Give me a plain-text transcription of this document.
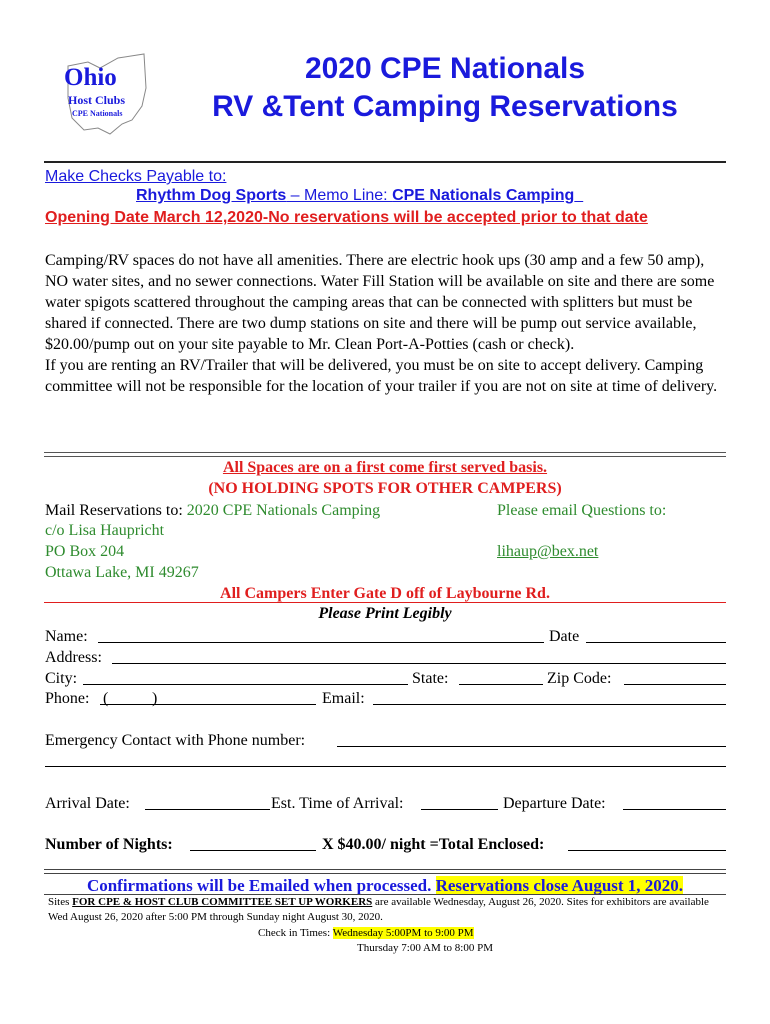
Ohio
Host Clubs
CPE Nationals
2020 CPE Nationals
RV &Tent Camping Reservations
Make Checks Payable to:
Rhythm Dog Sports – Memo Line: CPE Nationals Camping
Opening Date March 12,2020-No reservations will be accepted prior to that date
Camping/RV spaces do not have all amenities. There are electric hook ups (30 amp and a few 50 amp), NO water sites, and no sewer connections. Water Fill Station will be available on site and there are some water spigots scattered throughout the camping areas that can be connected with splitters but must be shared if connected. There are two dump stations on site and there will be pump out service available, $20.00/pump out on your site payable to Mr. Clean Port-A-Potties (cash or check).
If you are renting an RV/Trailer that will be delivered, you must be on site to accept delivery. Camping committee will not be responsible for the location of your trailer if you are not on site at time of delivery.
All Spaces are on a first come first served basis.
(NO HOLDING SPOTS FOR OTHER CAMPERS)
Mail Reservations to: 2020 CPE Nationals Camping
c/o Lisa Haupricht
PO Box 204
Ottawa Lake, MI 49267
Please email Questions to:
lihaup@bex.net
All Campers Enter Gate D off of Laybourne Rd.
Please Print Legibly
Name:	Date
Address:
City:	State:	Zip Code:
Phone: (	)	Email:
Emergency Contact with Phone number:
Arrival Date:	Est. Time of Arrival:	Departure Date:
Number of Nights:	X $40.00/ night =Total Enclosed:
Confirmations will be Emailed when processed. Reservations close August 1, 2020.
Sites FOR CPE & HOST CLUB COMMITTEE SET UP WORKERS are available Wednesday, August 26, 2020. Sites for exhibitors are available Wed August 26, 2020 after 5:00 PM through Sunday night August 30, 2020.
Check in Times: Wednesday 5:00PM to 9:00 PM
Thursday 7:00 AM to 8:00 PM
